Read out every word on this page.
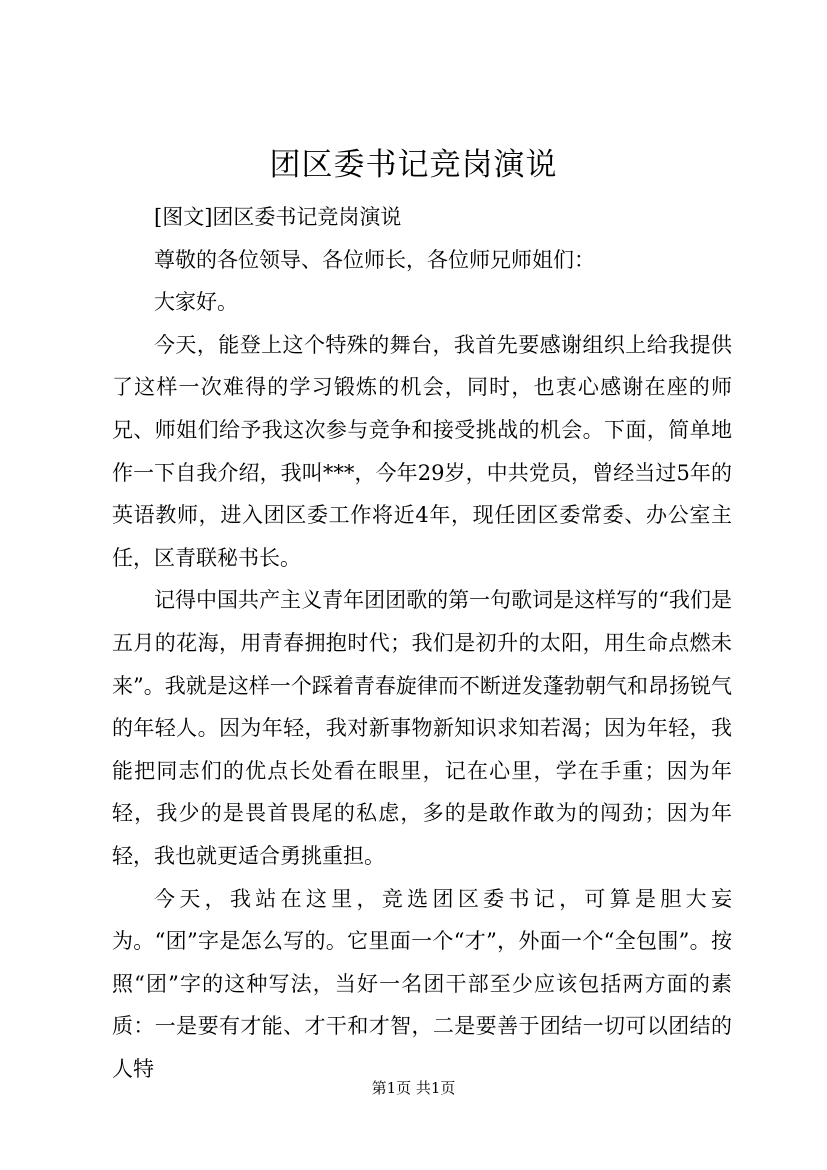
团区委书记竞岗演说

[图文]团区委书记竞岗演说

尊敬的各位领导、各位师长，各位师兄师姐们：

大家好。

今天，能登上这个特殊的舞台，我首先要感谢组织上给我提供了这样一次难得的学习锻炼的机会，同时，也衷心感谢在座的师兄、师姐们给予我这次参与竞争和接受挑战的机会。下面，简单地作一下自我介绍，我叫***，今年29岁，中共党员，曾经当过5年的英语教师，进入团区委工作将近4年，现任团区委常委、办公室主任，区青联秘书长。

记得中国共产主义青年团团歌的第一句歌词是这样写的“我们是五月的花海，用青春拥抱时代；我们是初升的太阳，用生命点燃未来”。我就是这样一个踩着青春旋律而不断迸发蓬勃朝气和昂扬锐气的年轻人。因为年轻，我对新事物新知识求知若渴；因为年轻，我能把同志们的优点长处看在眼里，记在心里，学在手重；因为年轻，我少的是畏首畏尾的私虑，多的是敢作敢为的闯劲；因为年轻，我也就更适合勇挑重担。

今天，我站在这里，竞选团区委书记，可算是胆大妄为。“团”字是怎么写的。它里面一个“才”，外面一个“全包围”。按照“团”字的这种写法，当好一名团干部至少应该包括两方面的素质：一是要有才能、才干和才智，二是要善于团结一切可以团结的人特

第1页 共1页
